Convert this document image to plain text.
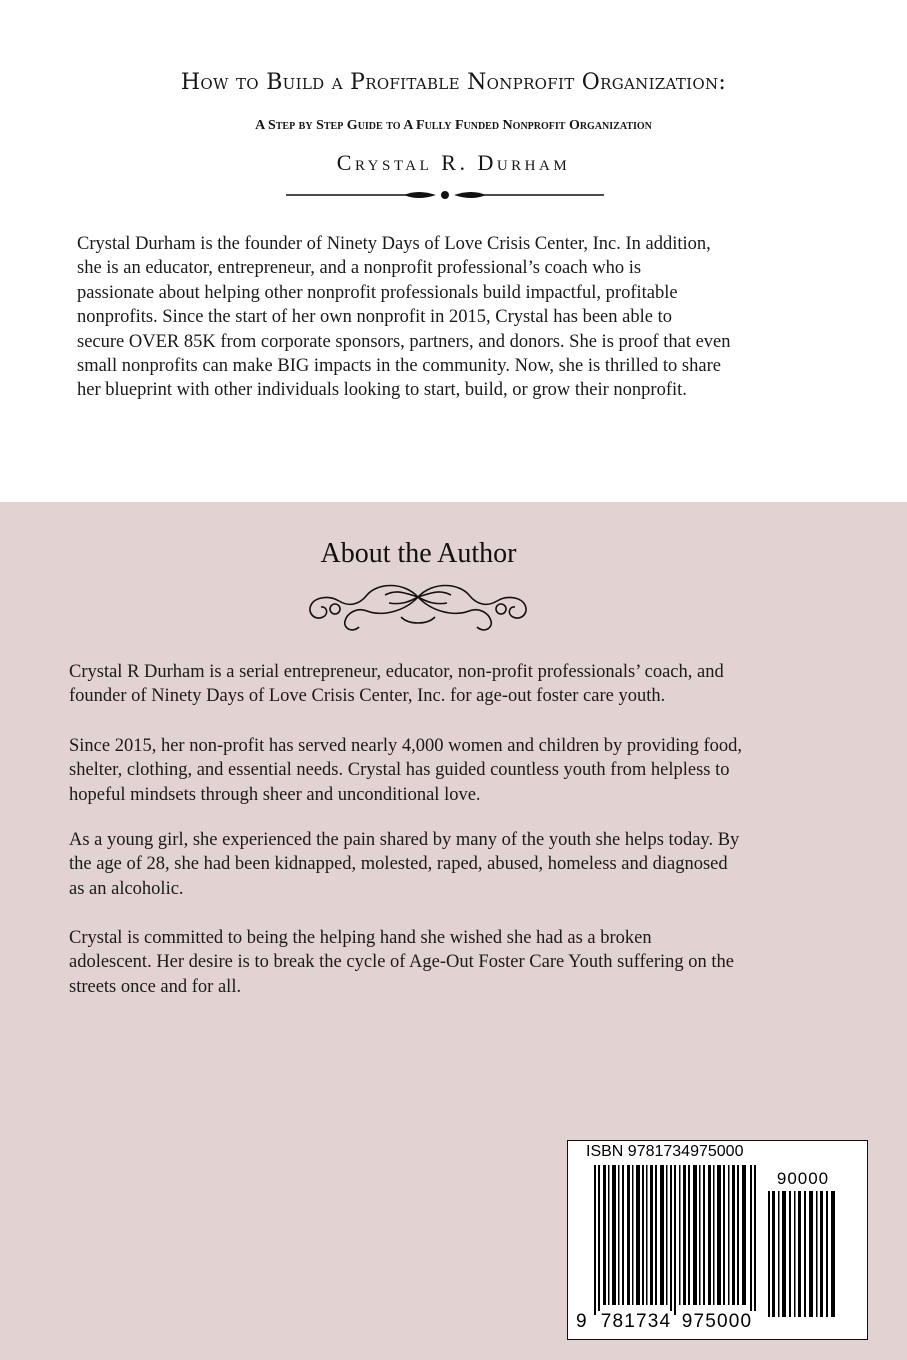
How to Build a Profitable Nonprofit Organization:
A Step by Step Guide to A Fully Funded Nonprofit Organization
Crystal R. Durham
Crystal Durham is the founder of Ninety Days of Love Crisis Center, Inc. In addition,
she is an educator, entrepreneur, and a nonprofit professional’s coach who is
passionate about helping other nonprofit professionals build impactful, profitable
nonprofits. Since the start of her own nonprofit in 2015, Crystal has been able to
secure OVER 85K from corporate sponsors, partners, and donors. She is proof that even
small nonprofits can make BIG impacts in the community. Now, she is thrilled to share
her blueprint with other individuals looking to start, build, or grow their nonprofit.
About the Author
Crystal R Durham is a serial entrepreneur, educator, non-profit professionals’ coach, and
founder of Ninety Days of Love Crisis Center, Inc. for age-out foster care youth.
Since 2015, her non-profit has served nearly 4,000 women and children by providing food,
shelter, clothing, and essential needs. Crystal has guided countless youth from helpless to
hopeful mindsets through sheer and unconditional love.
As a young girl, she experienced the pain shared by many of the youth she helps today. By
the age of 28, she had been kidnapped, molested, raped, abused, homeless and diagnosed
as an alcoholic.
Crystal is committed to being the helping hand she wished she had as a broken
adolescent. Her desire is to break the cycle of Age-Out Foster Care Youth suffering on the
streets once and for all.
ISBN 9781734975000
90000
9 781734 975000
